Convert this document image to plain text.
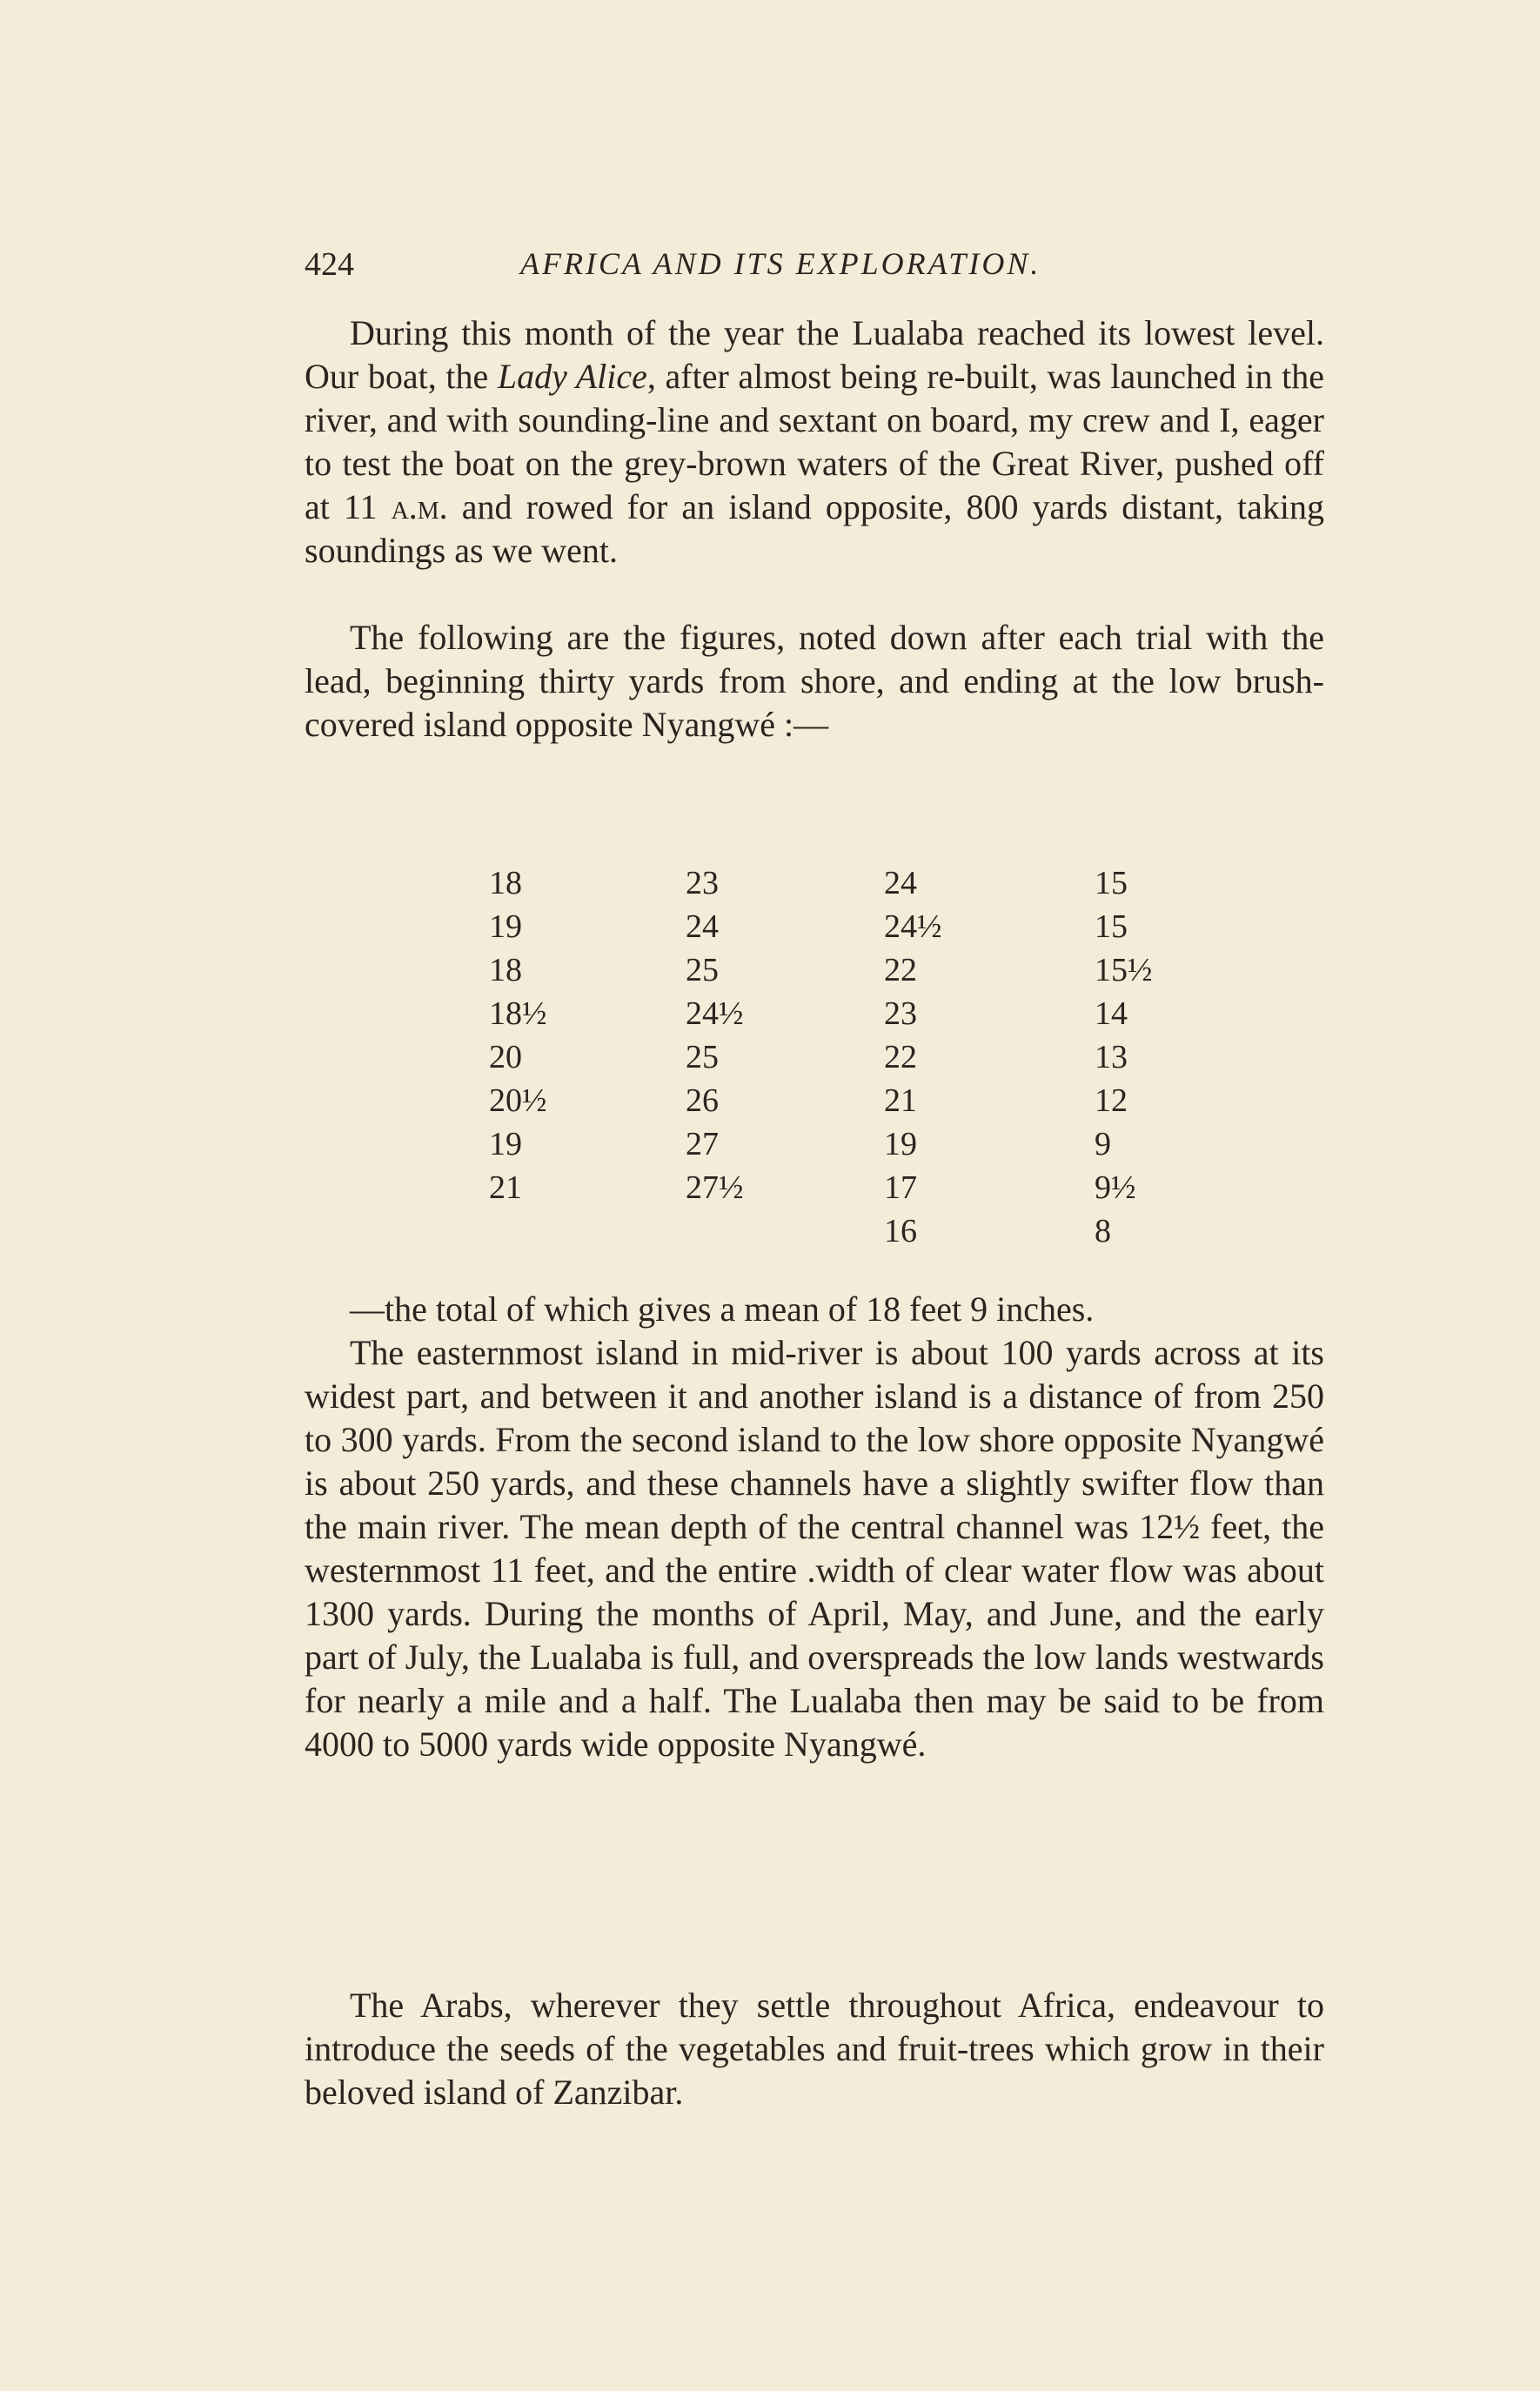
424	AFRICA AND ITS EXPLORATION.

During this month of the year the Lualaba reached its lowest level. Our boat, the Lady Alice, after almost being re-built, was launched in the river, and with sounding-line and sextant on board, my crew and I, eager to test the boat on the grey-brown waters of the Great River, pushed off at 11 a.m. and rowed for an island opposite, 800 yards distant, taking soundings as we went.

The following are the figures, noted down after each trial with the lead, beginning thirty yards from shore, and ending at the low brush-covered island opposite Nyangwé :—

18
19
18
18½
20
20½
19
21
23
24
25
24½
25
26
27
27½
24
24½
22
23
22
21
19
17
16
15
15
15½
14
13
12
9
9½
8

—the total of which gives a mean of 18 feet 9 inches.

The easternmost island in mid-river is about 100 yards across at its widest part, and between it and another island is a distance of from 250 to 300 yards. From the second island to the low shore opposite Nyangwé is about 250 yards, and these channels have a slightly swifter flow than the main river. The mean depth of the central channel was 12½ feet, the westernmost 11 feet, and the entire .width of clear water flow was about 1300 yards. During the months of April, May, and June, and the early part of July, the Lualaba is full, and overspreads the low lands westwards for nearly a mile and a half. The Lualaba then may be said to be from 4000 to 5000 yards wide opposite Nyangwé.

The Arabs, wherever they settle throughout Africa, endeavour to introduce the seeds of the vegetables and fruit-trees which grow in their beloved island of Zanzibar.
